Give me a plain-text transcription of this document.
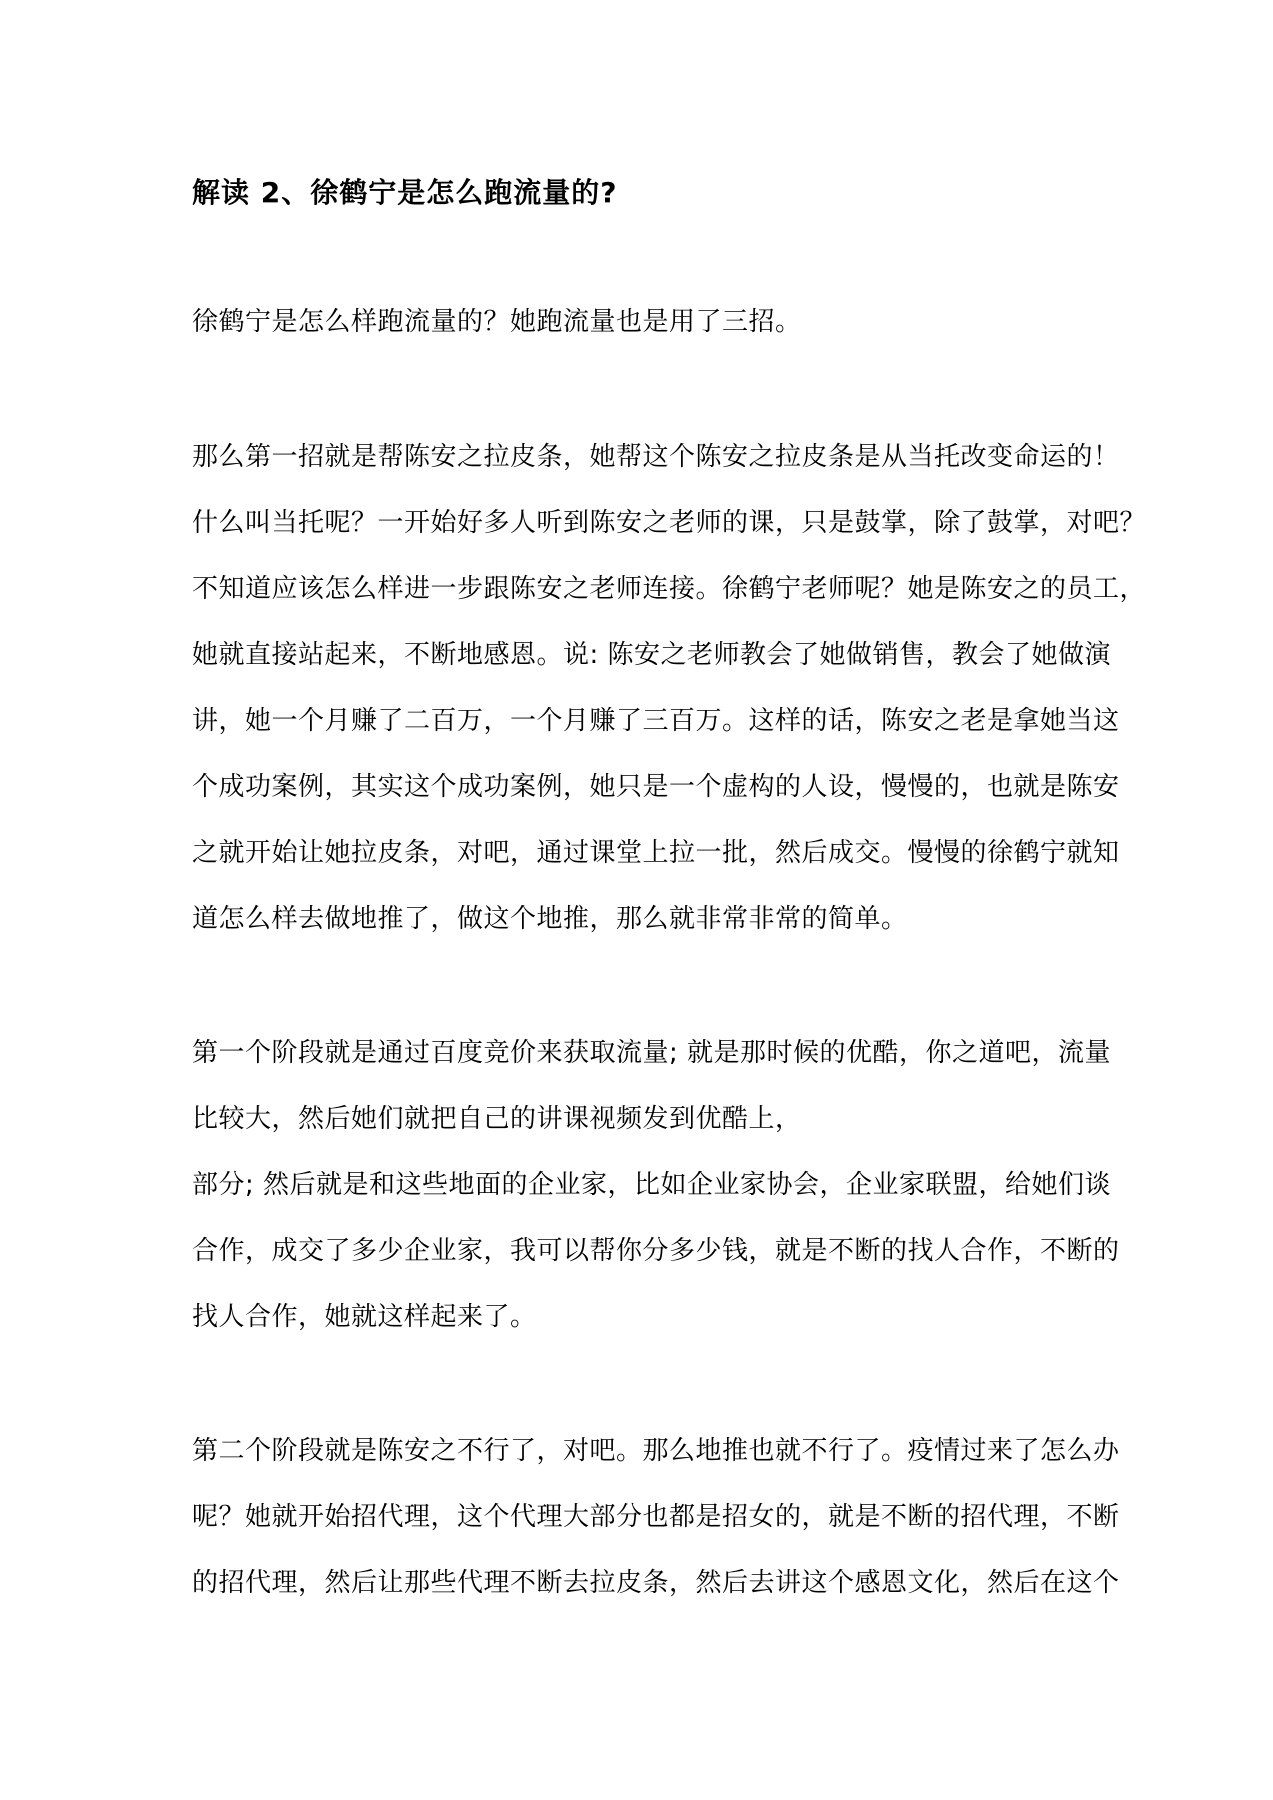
解读 2、徐鹤宁是怎么跑流量的?
徐鹤宁是怎么样跑流量的？她跑流量也是用了三招。
那么第一招就是帮陈安之拉皮条，她帮这个陈安之拉皮条是从当托改变命运的！
什么叫当托呢？一开始好多人听到陈安之老师的课，只是鼓掌，除了鼓掌，对吧？
不知道应该怎么样进一步跟陈安之老师连接。徐鹤宁老师呢？她是陈安之的员工，
她就直接站起来，不断地感恩。说: 陈安之老师教会了她做销售，教会了她做演
讲，她一个月赚了二百万，一个月赚了三百万。这样的话，陈安之老是拿她当这
个成功案例，其实这个成功案例，她只是一个虚构的人设，慢慢的，也就是陈安
之就开始让她拉皮条，对吧，通过课堂上拉一批，然后成交。慢慢的徐鹤宁就知
道怎么样去做地推了，做这个地推，那么就非常非常的简单。
第一个阶段就是通过百度竞价来获取流量; 就是那时候的优酷，你之道吧，流量
比较大，然后她们就把自己的讲课视频发到优酷上，
部分; 然后就是和这些地面的企业家，比如企业家协会，企业家联盟，给她们谈
合作，成交了多少企业家，我可以帮你分多少钱，就是不断的找人合作，不断的
找人合作，她就这样起来了。
第二个阶段就是陈安之不行了，对吧。那么地推也就不行了。疫情过来了怎么办
呢？她就开始招代理，这个代理大部分也都是招女的，就是不断的招代理，不断
的招代理，然后让那些代理不断去拉皮条，然后去讲这个感恩文化，然后在这个
